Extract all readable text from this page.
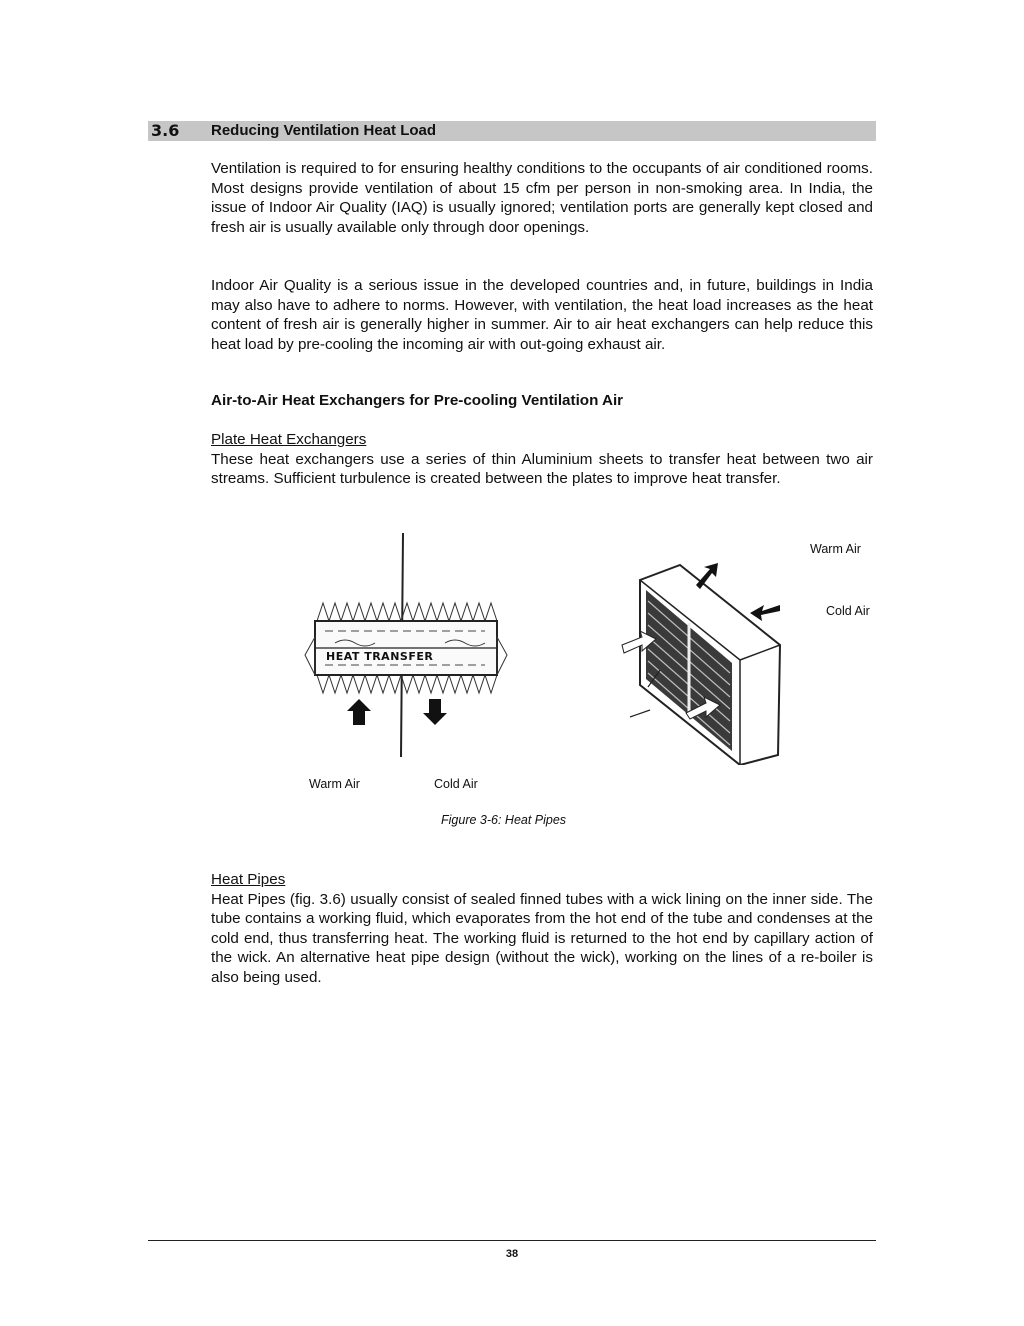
3.6 Reducing Ventilation Heat Load

Ventilation is required to for ensuring healthy conditions to the occupants of air conditioned rooms. Most designs provide ventilation of about 15 cfm per person in non-smoking area. In India, the issue of Indoor Air Quality (IAQ) is usually ignored; ventilation ports are generally kept closed and fresh air is usually available only through door openings.

Indoor Air Quality is a serious issue in the developed countries and, in future, buildings in India may also have to adhere to norms. However, with ventilation, the heat load increases as the heat content of fresh air is generally higher in summer. Air to air heat exchangers can help reduce this heat load by pre-cooling the incoming air with out-going exhaust air.

Air-to-Air Heat Exchangers for Pre-cooling Ventilation Air
Plate Heat Exchangers
These heat exchangers use a series of thin Aluminium sheets to transfer heat between two air streams. Sufficient turbulence is created between the plates to improve heat transfer.
HEAT TRANSFER
Warm Air
Cold Air
Warm Air	Cold Air
Figure 3-6: Heat Pipes
Heat Pipes
Heat Pipes (fig. 3.6) usually consist of sealed finned tubes with a wick lining on the inner side. The tube contains a working fluid, which evaporates from the hot end of the tube and condenses at the cold end, thus transferring heat. The working fluid is returned to the hot end by capillary action of the wick. An alternative heat pipe design (without the wick), working on the lines of a re-boiler is also being used.
38
